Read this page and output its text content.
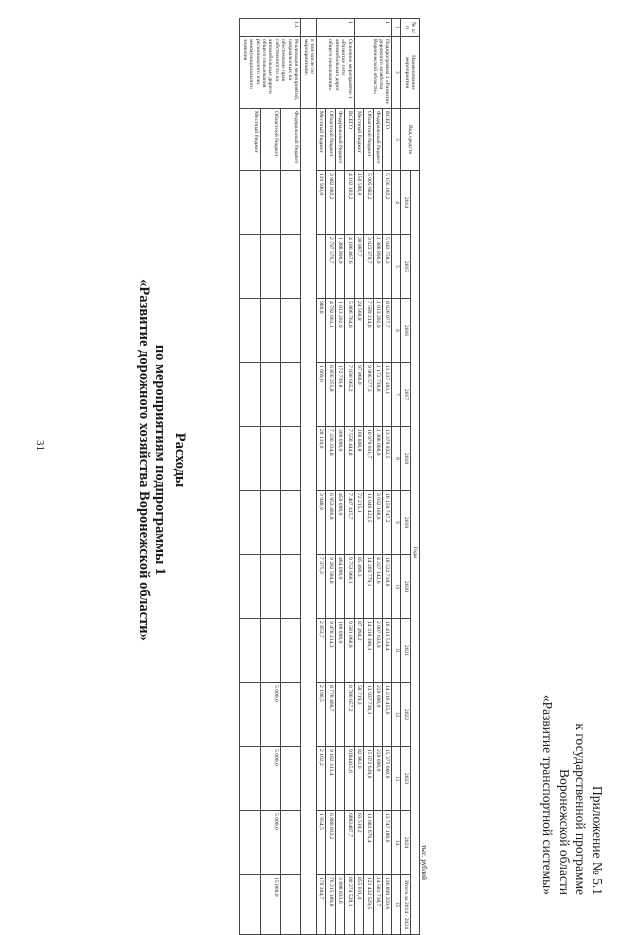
31
Приложение № 5.1
к государственной программе
Воронежской области
«Развитие транспортной системы»
Расходы
по мероприятиям подпрограммы 1
«Развитие дорожного хозяйства Воронежской области»
тыс. рублей
№ п/п	Наименование мероприятия	Вид средств	Годы											
			2014	2015	2016	2017	2018	2019	2020	2021	2022	2023	2024	Итого за 2014 - 2024
1	2	3	4	5	6	7	8	9	10	11	12	13	14	15
1	Подпрограмма 1 «Развитие дорожного хозяйства Воронежской области»	ВСЕГО	5 156 182,2	5 043 758,3	8 626 977,7	11 237 183,1	13 379 832,5	16 150 747,2	18 532 718,0	16 413 534,4	14 216 455,6	15 375 600,0	13 747 180,6	136 899 259,6
		Федеральный бюджет		1 388 890,9	1 013 202,9	1 172 739,8	1 300 000,0	3 032 108,6	4 227 142,6	2 007 633,9	220 000,0	220 000,0		14 581 718,7
		Областной бюджет	5 005 682,2	3 623 370,7	7 589 214,0	9 966 577,3	10 979 031,7	13 046 423,5	14 209 779,1	14 318 396,3	13 937 736,3	15 072 639,0	13 683 670,4	121 432 529,5
		Местный бюджет	150 500,0	30 887,7	24 560,8	97 866,0	100 800,8	72 215,1	85 496,3	87 494,2	58 719,3	82 961,0	63 510,2	855 011,4
1	Основное мероприятие 1 «Развитие сети автомобильных дорог общего пользования»	ВСЕГО	4 102 182,2	4 186 467,6	5 806 764,0	7 030 665,2	7 558 444,8	7 407 415,7	9 753 960,1	9 581 068,0	8 780 657,2	9184415,6	6882487,7	80 274 528,1
		Федеральный бюджет		1 388 890,9	1 013 202,9	172 739,8	300 000,0	450 000,0	464 000,0	100 000,0				3 898 833,6
		Областной бюджет	3 982 682,2	2 797 576,7	4 792 661,1	6 856 255,8	7 230 334,8	6 953 466,8	9 282 584,8	9 478 214,3	8 778 466,7	9 182 313,4	6 880 833,2	76 215 389,8
		Местный бюджет	119 500,0		900,0	1 669,6	28 110,0	3 948,9	7 375,3	2 853,7	2 190,5	2 102,2	1 654,5	170 304,7
	в том числе по мероприятиям:													
1.1	Реализация мероприятий, направленных на обеспечение прав собственности на автомобильные дороги общего пользования регионального или межмуниципального значения	Федеральный бюджет												
		Областной бюджет									5 000,0	5 000,0	5 000,0	15 000,0
		Местный бюджет												
